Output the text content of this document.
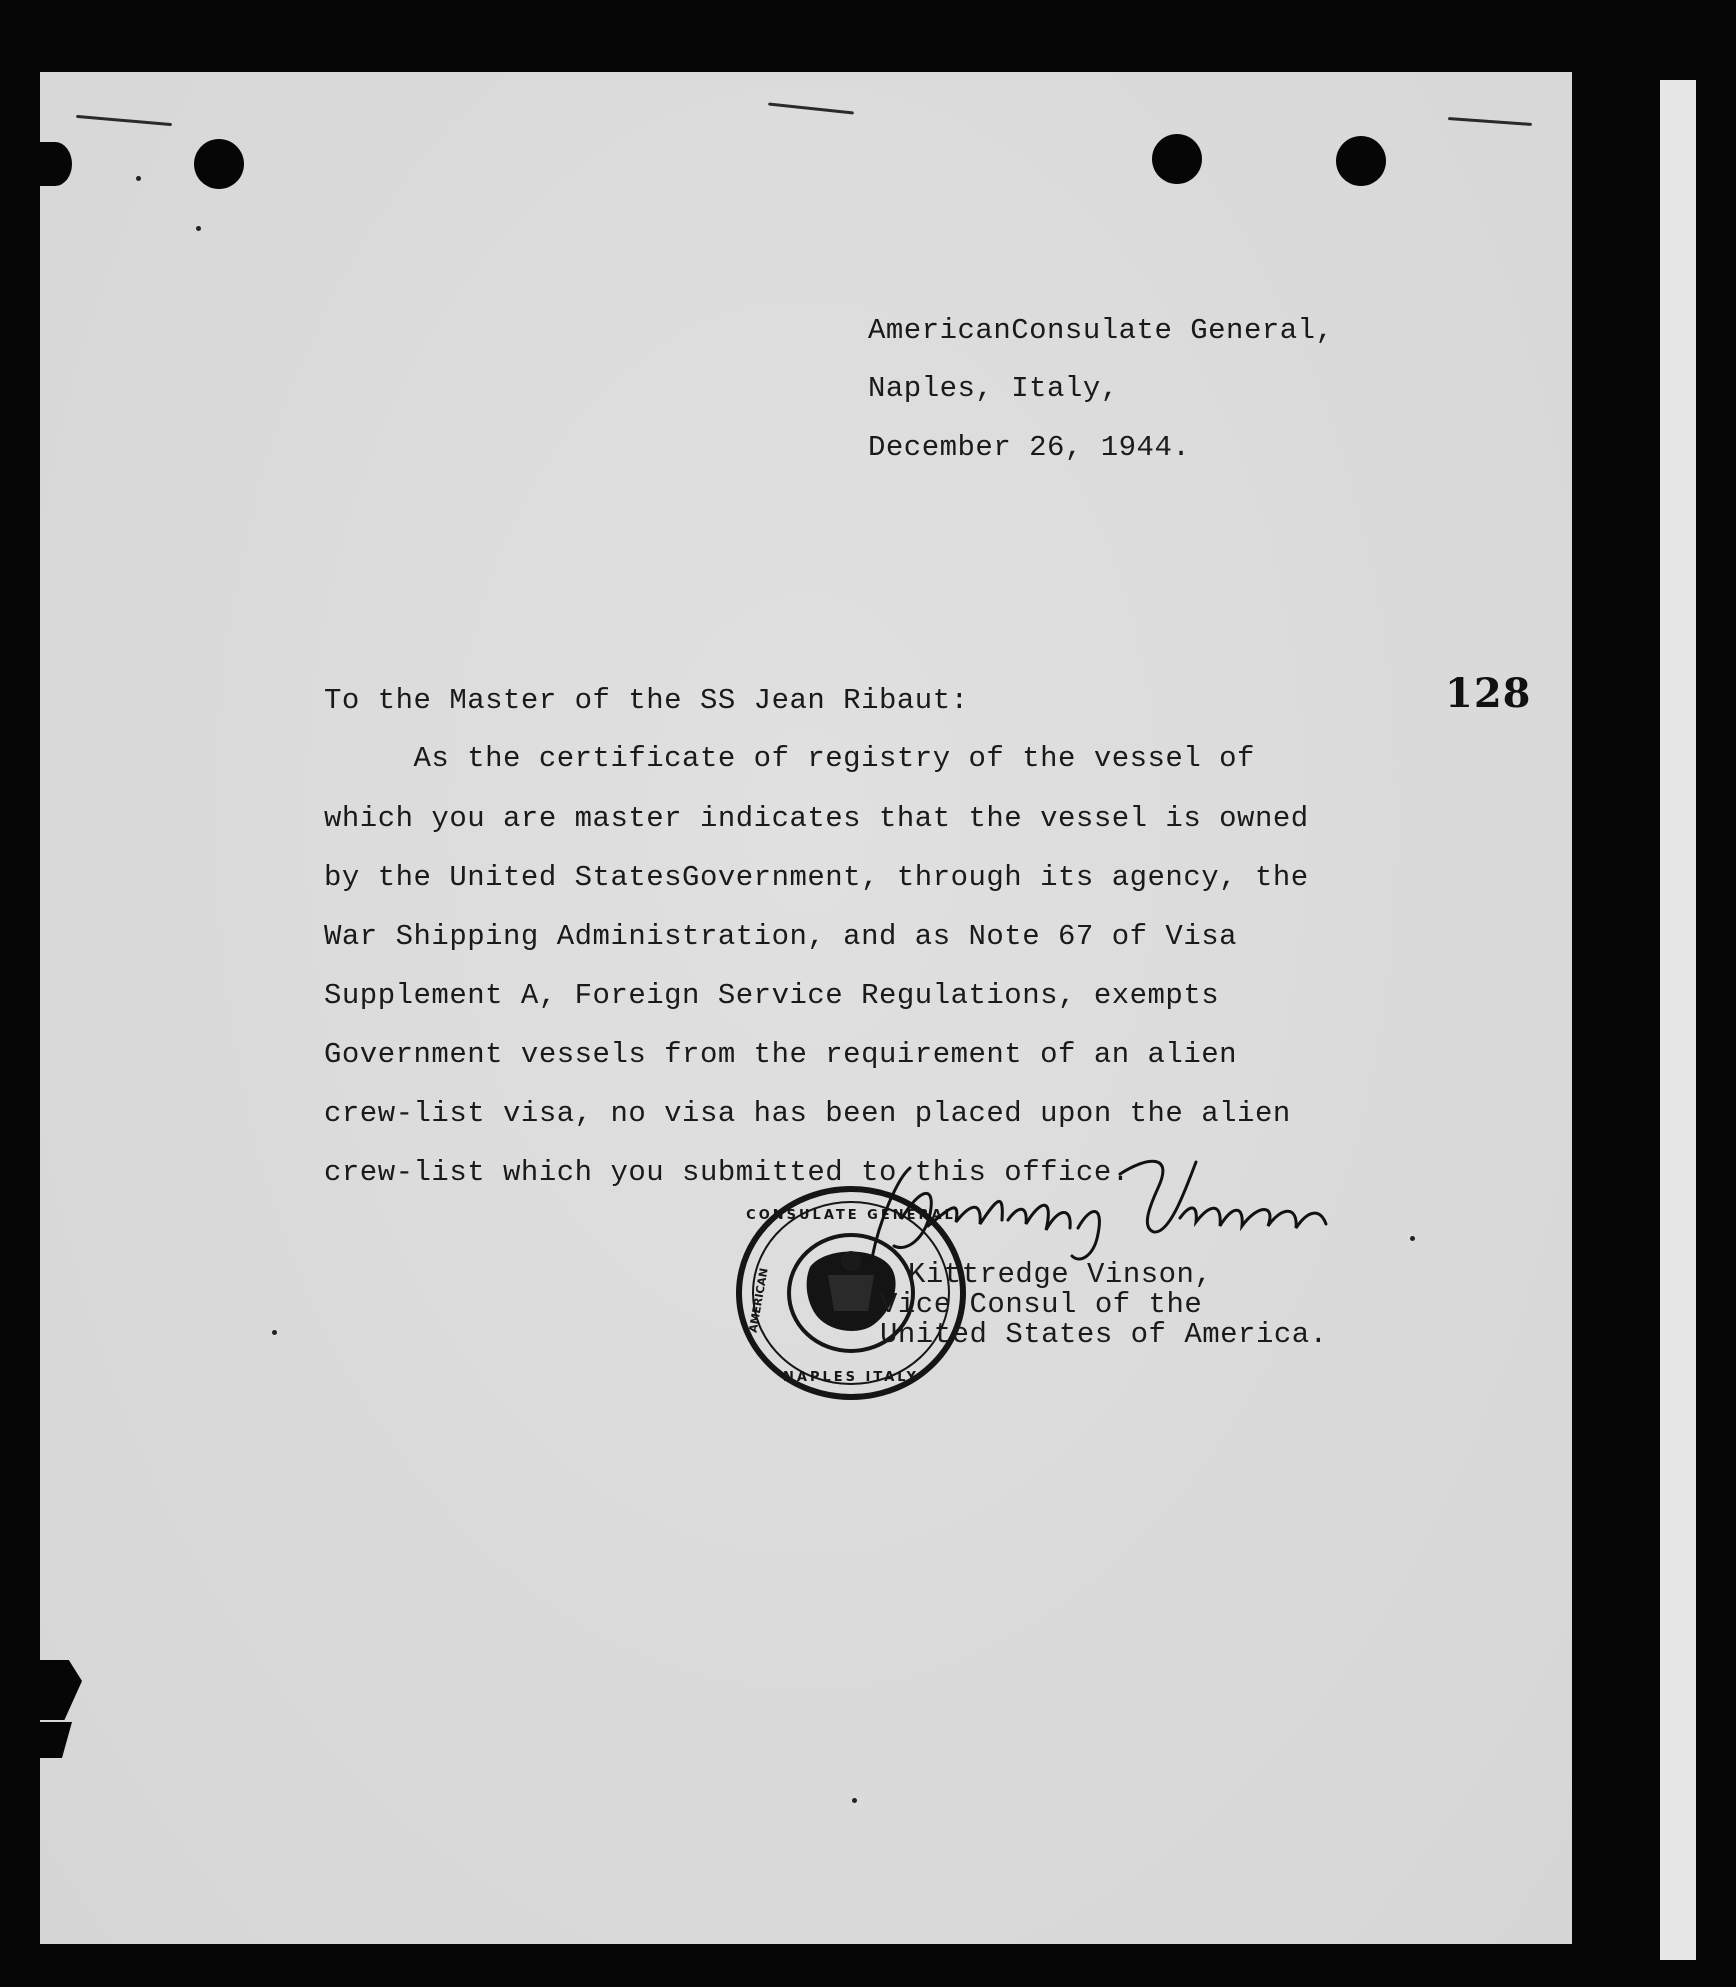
AmericanConsulate General,
Naples, Italy,
December 26, 1944.
128
To the Master of the SS Jean Ribaut:
As the certificate of registry of the vessel of
which you are master indicates that the vessel is owned
by the United StatesGovernment, through its agency, the
War Shipping Administration, and as Note 67 of Visa
Supplement A, Foreign Service Regulations, exempts
Government vessels from the requirement of an alien
crew-list visa, no visa has been placed upon the alien
crew-list which you submitted to this office.
CONSULATE GENERAL
NAPLES ITALY
AMERICAN	Kittredge Vinson,
Vice Consul of the
United States of America.
